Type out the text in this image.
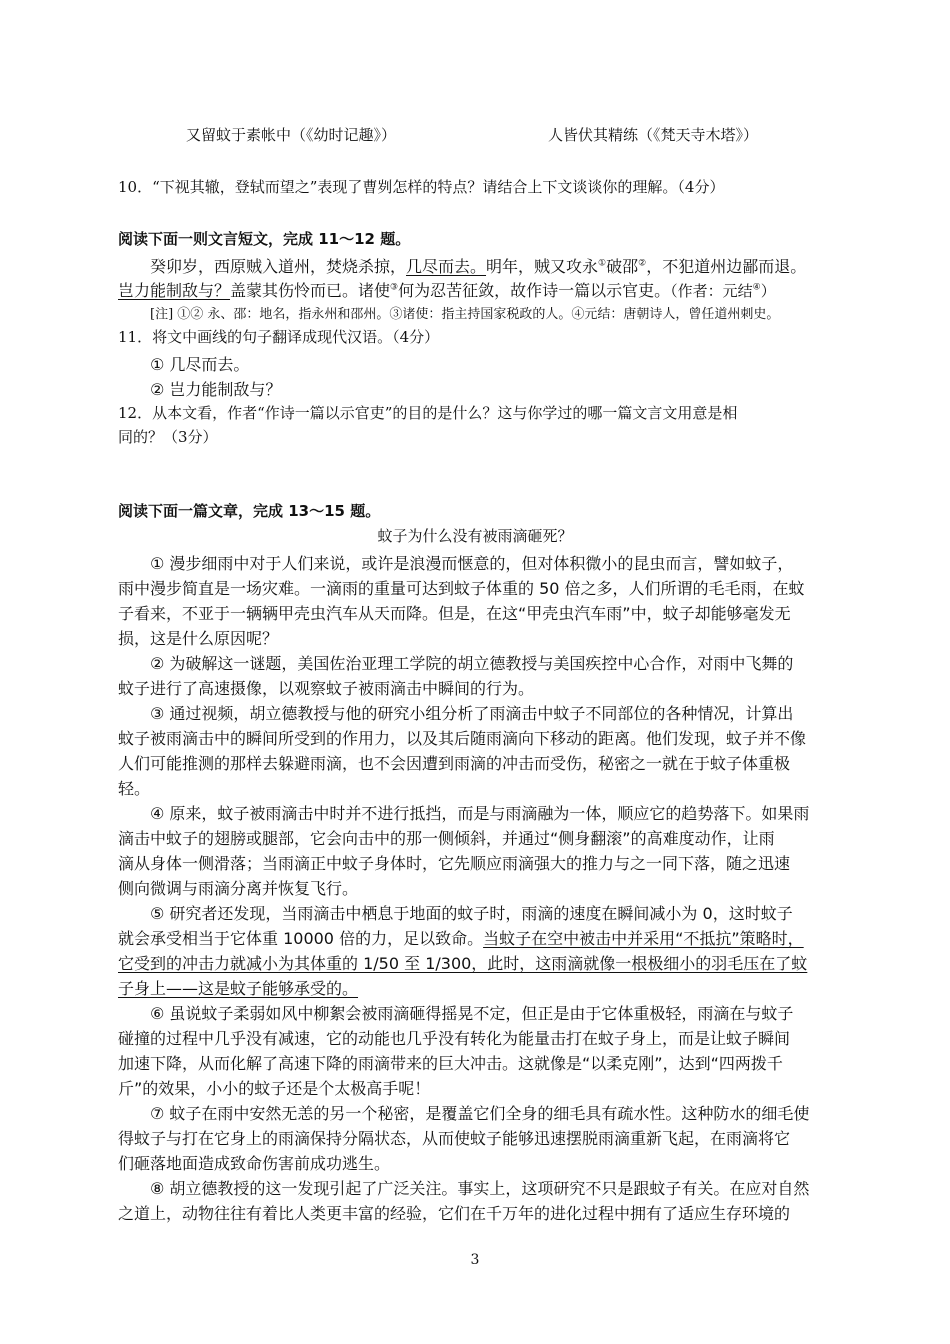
又留蚊于素帐中（《幼时记趣》）	人皆伏其精练（《梵天寺木塔》）
10．“下视其辙，登轼而望之”表现了曹刿怎样的特点？请结合上下文谈谈你的理解。（4分）
阅读下面一则文言短文，完成 11～12 题。
癸卯岁，西原贼入道州，焚烧杀掠，几尽而去。明年，贼又攻永①破邵②，不犯道州边鄙而退。
岂力能制敌与？盖蒙其伤怜而已。诸使③何为忍苦征敛，故作诗一篇以示官吏。（作者：元结④）
[注] ①② 永、邵：地名，指永州和邵州。③诸使：指主持国家税政的人。④元结：唐朝诗人，曾任道州刺史。
11．将文中画线的句子翻译成现代汉语。（4分）
① 几尽而去。
② 岂力能制敌与？
12．从本文看，作者“作诗一篇以示官吏”的目的是什么？这与你学过的哪一篇文言文用意是相
同的？（3分）
阅读下面一篇文章，完成 13～15 题。
蚊子为什么没有被雨滴砸死？
① 漫步细雨中对于人们来说，或许是浪漫而惬意的，但对体积微小的昆虫而言，譬如蚊子，
雨中漫步简直是一场灾难。一滴雨的重量可达到蚊子体重的 50 倍之多，人们所谓的毛毛雨，在蚊
子看来，不亚于一辆辆甲壳虫汽车从天而降。但是，在这“甲壳虫汽车雨”中，蚊子却能够毫发无
损，这是什么原因呢？
② 为破解这一谜题，美国佐治亚理工学院的胡立德教授与美国疾控中心合作，对雨中飞舞的
蚊子进行了高速摄像，以观察蚊子被雨滴击中瞬间的行为。
③ 通过视频，胡立德教授与他的研究小组分析了雨滴击中蚊子不同部位的各种情况，计算出
蚊子被雨滴击中的瞬间所受到的作用力，以及其后随雨滴向下移动的距离。他们发现，蚊子并不像
人们可能推测的那样去躲避雨滴，也不会因遭到雨滴的冲击而受伤，秘密之一就在于蚊子体重极
轻。
④ 原来，蚊子被雨滴击中时并不进行抵挡，而是与雨滴融为一体，顺应它的趋势落下。如果雨
滴击中蚊子的翅膀或腿部，它会向击中的那一侧倾斜，并通过“侧身翻滚”的高难度动作，让雨
滴从身体一侧滑落；当雨滴正中蚊子身体时，它先顺应雨滴强大的推力与之一同下落，随之迅速
侧向微调与雨滴分离并恢复飞行。
⑤ 研究者还发现，当雨滴击中栖息于地面的蚊子时，雨滴的速度在瞬间减小为 0，这时蚊子
就会承受相当于它体重 10000 倍的力，足以致命。当蚊子在空中被击中并采用“不抵抗”策略时，
它受到的冲击力就减小为其体重的 1/50 至 1/300，此时，这雨滴就像一根极细小的羽毛压在了蚊
子身上——这是蚊子能够承受的。
⑥ 虽说蚊子柔弱如风中柳絮会被雨滴砸得摇晃不定，但正是由于它体重极轻，雨滴在与蚊子
碰撞的过程中几乎没有减速，它的动能也几乎没有转化为能量击打在蚊子身上，而是让蚊子瞬间
加速下降，从而化解了高速下降的雨滴带来的巨大冲击。这就像是“以柔克刚”，达到“四两拨千
斤”的效果，小小的蚊子还是个太极高手呢！
⑦ 蚊子在雨中安然无恙的另一个秘密，是覆盖它们全身的细毛具有疏水性。这种防水的细毛使
得蚊子与打在它身上的雨滴保持分隔状态，从而使蚊子能够迅速摆脱雨滴重新飞起，在雨滴将它
们砸落地面造成致命伤害前成功逃生。
⑧ 胡立德教授的这一发现引起了广泛关注。事实上，这项研究不只是跟蚊子有关。在应对自然
之道上，动物往往有着比人类更丰富的经验，它们在千万年的进化过程中拥有了适应生存环境的
3
